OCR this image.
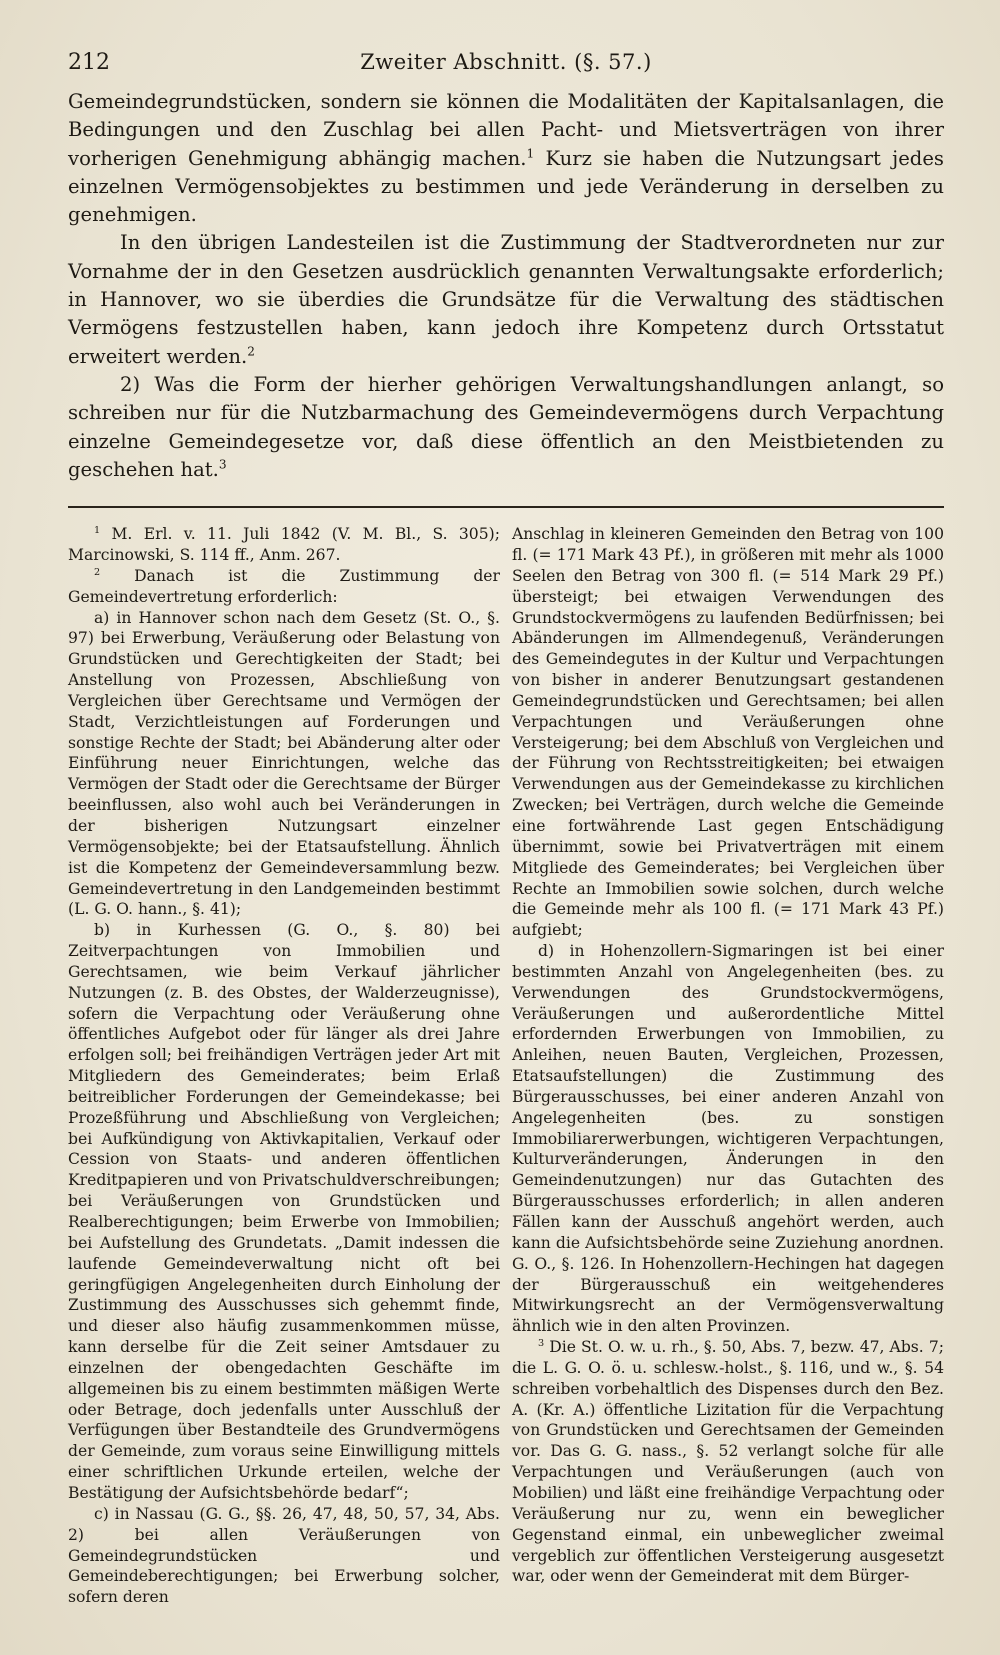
212	Zweiter Abschnitt. (§. 57.)

Gemeindegrundstücken, sondern sie können die Modalitäten der Kapitalsanlagen, die Bedingungen und den Zuschlag bei allen Pacht- und Mietsverträgen von ihrer vorherigen Genehmigung abhängig machen.$^1$ Kurz sie haben die Nutzungsart jedes einzelnen Vermögensobjektes zu bestimmen und jede Veränderung in derselben zu genehmigen.

In den übrigen Landesteilen ist die Zustimmung der Stadtverordneten nur zur Vornahme der in den Gesetzen ausdrücklich genannten Verwaltungsakte erforderlich; in Hannover, wo sie überdies die Grundsätze für die Verwaltung des städtischen Vermögens festzustellen haben, kann jedoch ihre Kompetenz durch Ortsstatut erweitert werden.$^2$

2) Was die Form der hierher gehörigen Verwaltungshandlungen anlangt, so schreiben nur für die Nutzbarmachung des Gemeindevermögens durch Verpachtung einzelne Gemeindegesetze vor, daß diese öffentlich an den Meistbietenden zu geschehen hat.$^3$

$^1$ M. Erl. v. 11. Juli 1842 (V. M. Bl., S. 305); Marcinowski, S. 114 ff., Anm. 267.

$^2$ Danach ist die Zustimmung der Gemeindevertretung erforderlich:

a) in Hannover schon nach dem Gesetz (St. O., §. 97) bei Erwerbung, Veräußerung oder Belastung von Grundstücken und Gerechtigkeiten der Stadt; bei Anstellung von Prozessen, Abschließung von Vergleichen über Gerechtsame und Vermögen der Stadt, Verzichtleistungen auf Forderungen und sonstige Rechte der Stadt; bei Abänderung alter oder Einführung neuer Einrichtungen, welche das Vermögen der Stadt oder die Gerechtsame der Bürger beeinflussen, also wohl auch bei Veränderungen in der bisherigen Nutzungsart einzelner Vermögensobjekte; bei der Etatsaufstellung. Ähnlich ist die Kompetenz der Gemeindeversammlung bezw. Gemeindevertretung in den Landgemeinden bestimmt (L. G. O. hann., §. 41);

b) in Kurhessen (G. O., §. 80) bei Zeitverpachtungen von Immobilien und Gerechtsamen, wie beim Verkauf jährlicher Nutzungen (z. B. des Obstes, der Walderzeugnisse), sofern die Verpachtung oder Veräußerung ohne öffentliches Aufgebot oder für länger als drei Jahre erfolgen soll; bei freihändigen Verträgen jeder Art mit Mitgliedern des Gemeinderates; beim Erlaß beitreiblicher Forderungen der Gemeindekasse; bei Prozeßführung und Abschließung von Vergleichen; bei Aufkündigung von Aktivkapitalien, Verkauf oder Cession von Staats- und anderen öffentlichen Kreditpapieren und von Privatschuldverschreibungen; bei Veräußerungen von Grundstücken und Realberechtigungen; beim Erwerbe von Immobilien; bei Aufstellung des Grundetats. „Damit indessen die laufende Gemeindeverwaltung nicht oft bei geringfügigen Angelegenheiten durch Einholung der Zustimmung des Ausschusses sich gehemmt finde, und dieser also häufig zusammenkommen müsse, kann derselbe für die Zeit seiner Amtsdauer zu einzelnen der obengedachten Geschäfte im allgemeinen bis zu einem bestimmten mäßigen Werte oder Betrage, doch jedenfalls unter Ausschluß der Verfügungen über Bestandteile des Grundvermögens der Gemeinde, zum voraus seine Einwilligung mittels einer schriftlichen Urkunde erteilen, welche der Bestätigung der Aufsichtsbehörde bedarf“;

c) in Nassau (G. G., §§. 26, 47, 48, 50, 57, 34, Abs. 2) bei allen Veräußerungen von Gemeindegrundstücken und Gemeindeberechtigungen; bei Erwerbung solcher, sofern deren

Anschlag in kleineren Gemeinden den Betrag von 100 fl. (= 171 Mark 43 Pf.), in größeren mit mehr als 1000 Seelen den Betrag von 300 fl. (= 514 Mark 29 Pf.) übersteigt; bei etwaigen Verwendungen des Grundstockvermögens zu laufenden Bedürfnissen; bei Abänderungen im Allmendegenuß, Veränderungen des Gemeindegutes in der Kultur und Verpachtungen von bisher in anderer Benutzungsart gestandenen Gemeindegrundstücken und Gerechtsamen; bei allen Verpachtungen und Veräußerungen ohne Versteigerung; bei dem Abschluß von Vergleichen und der Führung von Rechtsstreitigkeiten; bei etwaigen Verwendungen aus der Gemeindekasse zu kirchlichen Zwecken; bei Verträgen, durch welche die Gemeinde eine fortwährende Last gegen Entschädigung übernimmt, sowie bei Privatverträgen mit einem Mitgliede des Gemeinderates; bei Vergleichen über Rechte an Immobilien sowie solchen, durch welche die Gemeinde mehr als 100 fl. (= 171 Mark 43 Pf.) aufgiebt;

d) in Hohenzollern-Sigmaringen ist bei einer bestimmten Anzahl von Angelegenheiten (bes. zu Verwendungen des Grundstockvermögens, Veräußerungen und außerordentliche Mittel erfordernden Erwerbungen von Immobilien, zu Anleihen, neuen Bauten, Vergleichen, Prozessen, Etatsaufstellungen) die Zustimmung des Bürgerausschusses, bei einer anderen Anzahl von Angelegenheiten (bes. zu sonstigen Immobiliarerwerbungen, wichtigeren Verpachtungen, Kulturveränderungen, Änderungen in den Gemeindenutzungen) nur das Gutachten des Bürgerausschusses erforderlich; in allen anderen Fällen kann der Ausschuß angehört werden, auch kann die Aufsichtsbehörde seine Zuziehung anordnen. G. O., §. 126. In Hohenzollern-Hechingen hat dagegen der Bürgerausschuß ein weitgehenderes Mitwirkungsrecht an der Vermögensverwaltung ähnlich wie in den alten Provinzen.

$^3$ Die St. O. w. u. rh., §. 50, Abs. 7, bezw. 47, Abs. 7; die L. G. O. ö. u. schlesw.-holst., §. 116, und w., §. 54 schreiben vorbehaltlich des Dispenses durch den Bez. A. (Kr. A.) öffentliche Lizitation für die Verpachtung von Grundstücken und Gerechtsamen der Gemeinden vor. Das G. G. nass., §. 52 verlangt solche für alle Verpachtungen und Veräußerungen (auch von Mobilien) und läßt eine freihändige Verpachtung oder Veräußerung nur zu, wenn ein beweglicher Gegenstand einmal, ein unbeweglicher zweimal vergeblich zur öffentlichen Versteigerung ausgesetzt war, oder wenn der Gemeinderat mit dem Bürger-
